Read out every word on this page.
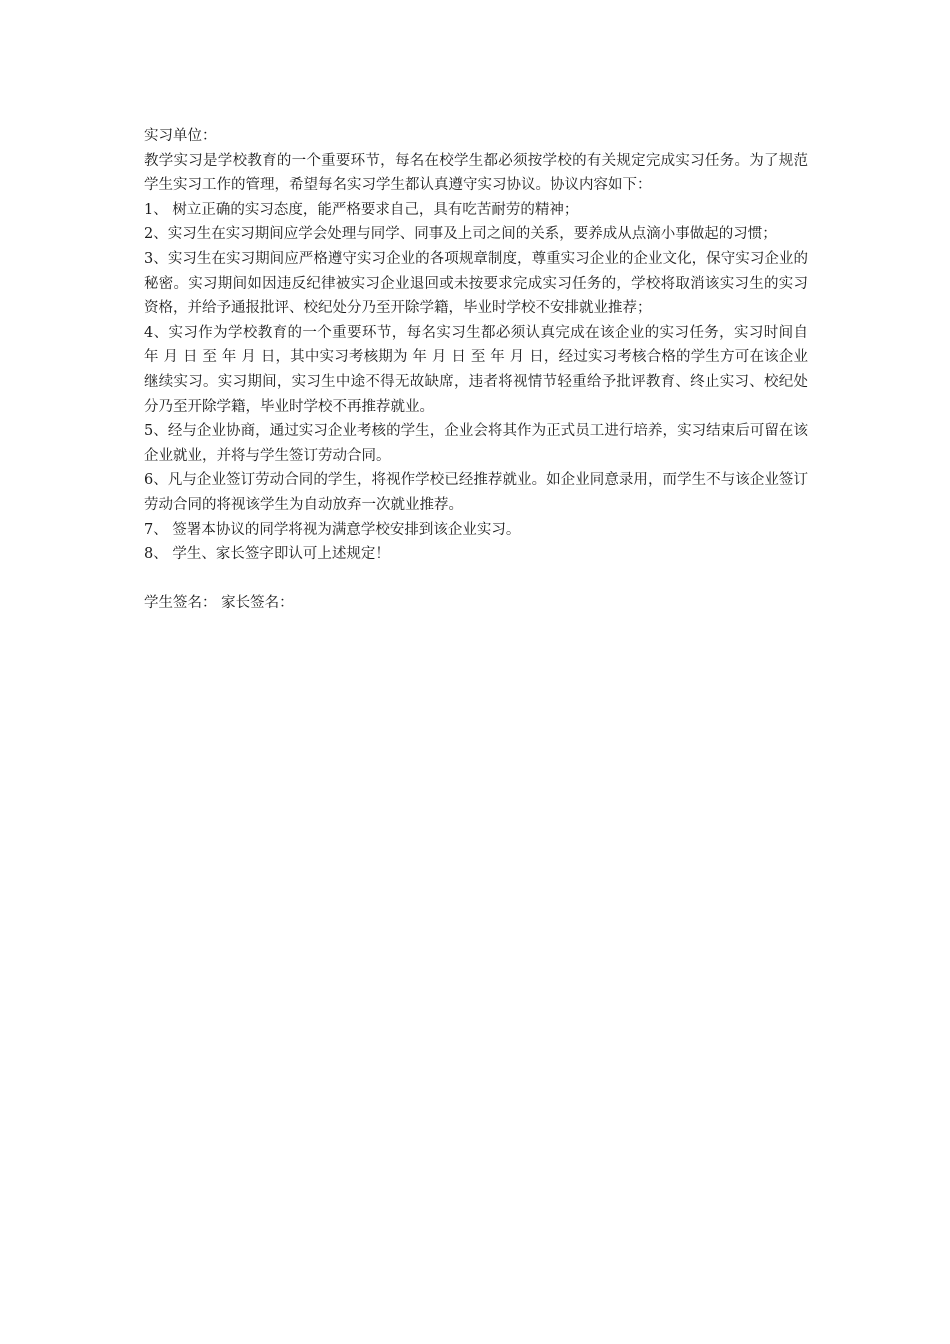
实习单位：

教学实习是学校教育的一个重要环节，每名在校学生都必须按学校的有关规定完成实习任务。为了规范学生实习工作的管理，希望每名实习学生都认真遵守实习协议。协议内容如下：

1、 树立正确的实习态度，能严格要求自己，具有吃苦耐劳的精神；

2、实习生在实习期间应学会处理与同学、同事及上司之间的关系，要养成从点滴小事做起的习惯；

3、实习生在实习期间应严格遵守实习企业的各项规章制度，尊重实习企业的企业文化，保守实习企业的秘密。实习期间如因违反纪律被实习企业退回或未按要求完成实习任务的，学校将取消该实习生的实习资格，并给予通报批评、校纪处分乃至开除学籍，毕业时学校不安排就业推荐；

4、实习作为学校教育的一个重要环节，每名实习生都必须认真完成在该企业的实习任务，实习时间自 年 月 日 至 年 月 日，其中实习考核期为 年 月 日 至 年 月 日，经过实习考核合格的学生方可在该企业继续实习。实习期间，实习生中途不得无故缺席，违者将视情节轻重给予批评教育、终止实习、校纪处分乃至开除学籍，毕业时学校不再推荐就业。

5、经与企业协商，通过实习企业考核的学生，企业会将其作为正式员工进行培养，实习结束后可留在该企业就业，并将与学生签订劳动合同。

6、凡与企业签订劳动合同的学生，将视作学校已经推荐就业。如企业同意录用，而学生不与该企业签订劳动合同的将视该学生为自动放弃一次就业推荐。

7、 签署本协议的同学将视为满意学校安排到该企业实习。

8、 学生、家长签字即认可上述规定！

学生签名： 家长签名：
